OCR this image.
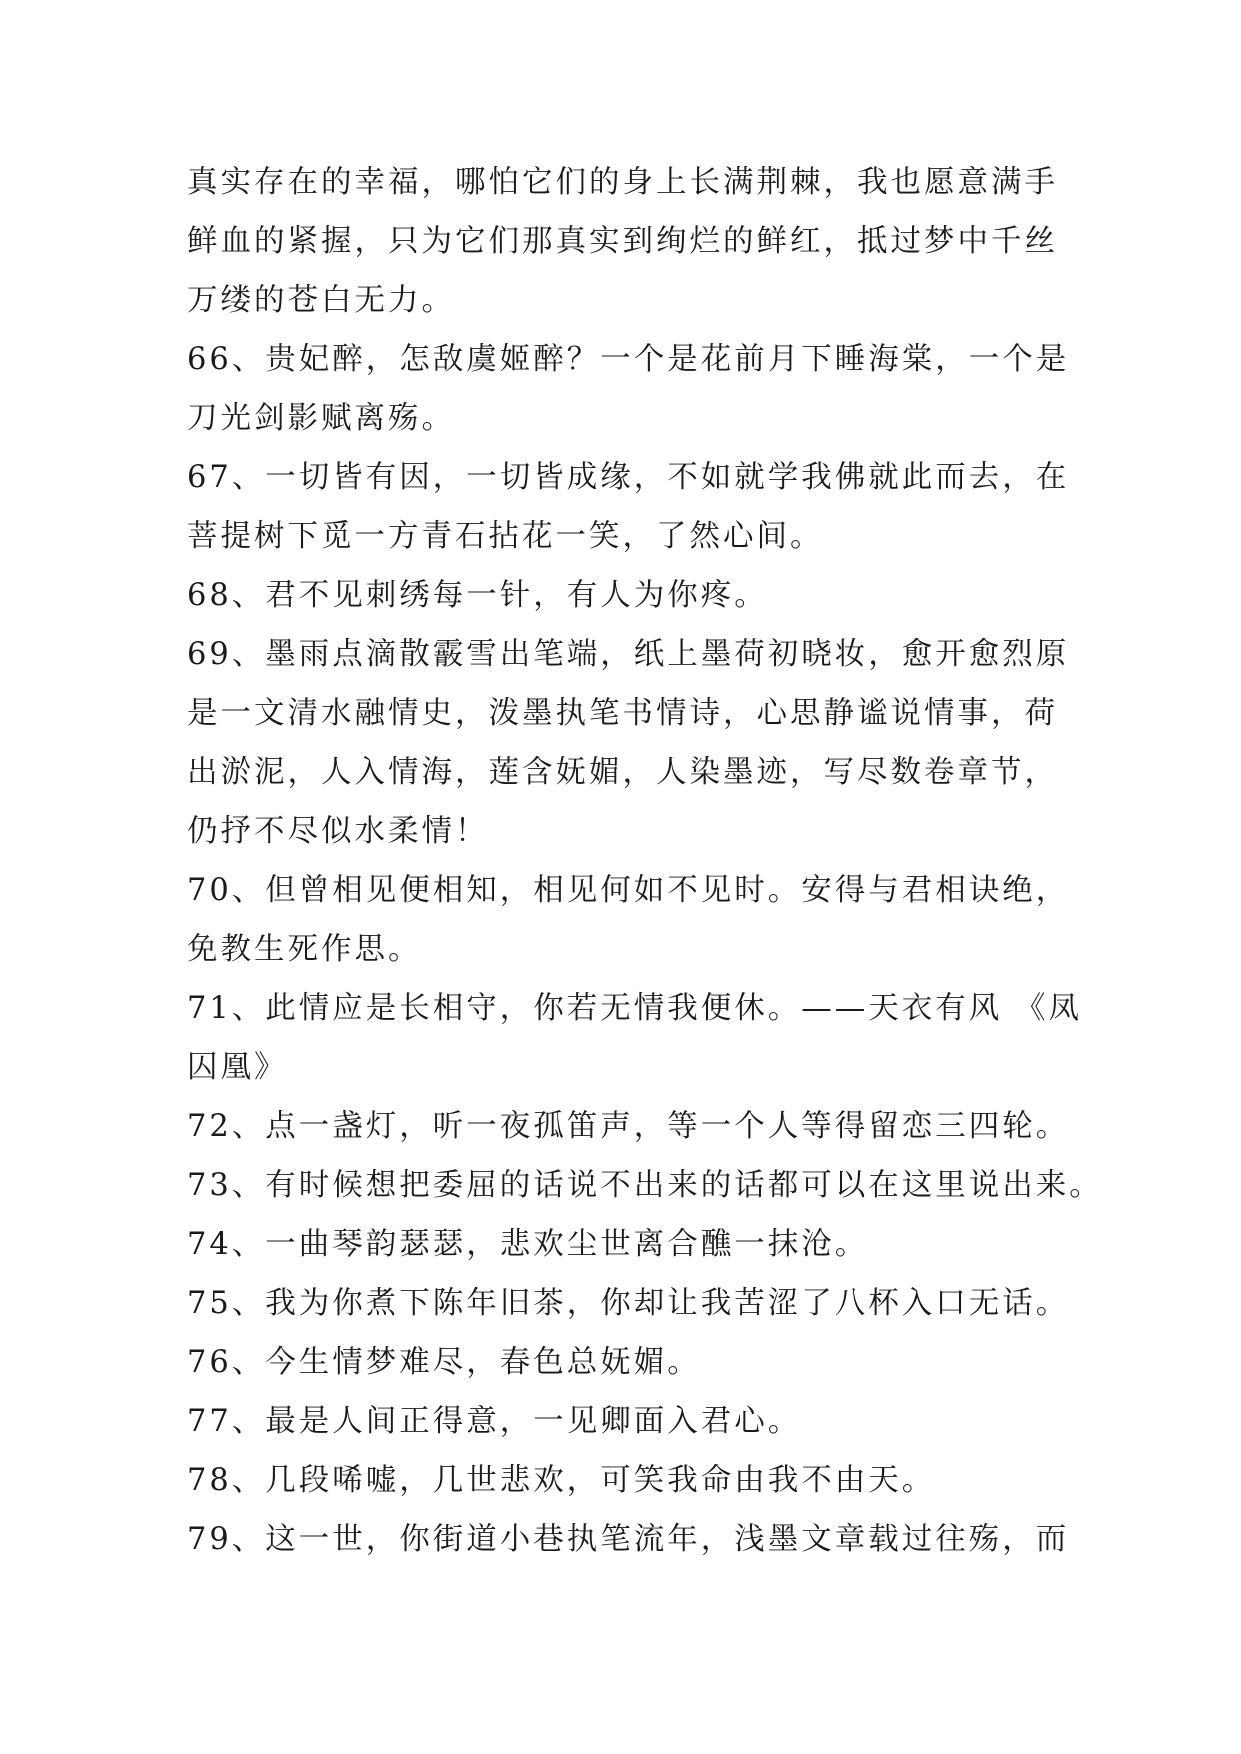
真实存在的幸福，哪怕它们的身上长满荆棘，我也愿意满手
鲜血的紧握，只为它们那真实到绚烂的鲜红，抵过梦中千丝
万缕的苍白无力。
66、贵妃醉，怎敌虞姬醉？一个是花前月下睡海棠，一个是
刀光剑影赋离殇。
67、一切皆有因，一切皆成缘，不如就学我佛就此而去，在
菩提树下觅一方青石拈花一笑，了然心间。
68、君不见刺绣每一针，有人为你疼。
69、墨雨点滴散霰雪出笔端，纸上墨荷初晓妆，愈开愈烈原
是一文清水融情史，泼墨执笔书情诗，心思静谧说情事，荷
出淤泥，人入情海，莲含妩媚，人染墨迹，写尽数卷章节，
仍抒不尽似水柔情！
70、但曾相见便相知，相见何如不见时。安得与君相诀绝，
免教生死作思。
71、此情应是长相守，你若无情我便休。——天衣有风 《凤
囚凰》
72、点一盏灯，听一夜孤笛声，等一个人等得留恋三四轮。
73、有时候想把委屈的话说不出来的话都可以在这里说出来。
74、一曲琴韵瑟瑟，悲欢尘世离合醮一抹沧。
75、我为你煮下陈年旧茶，你却让我苦涩了八杯入口无话。
76、今生情梦难尽，春色总妩媚。
77、最是人间正得意，一见卿面入君心。
78、几段唏嘘，几世悲欢，可笑我命由我不由天。
79、这一世，你街道小巷执笔流年，浅墨文章载过往殇，而
